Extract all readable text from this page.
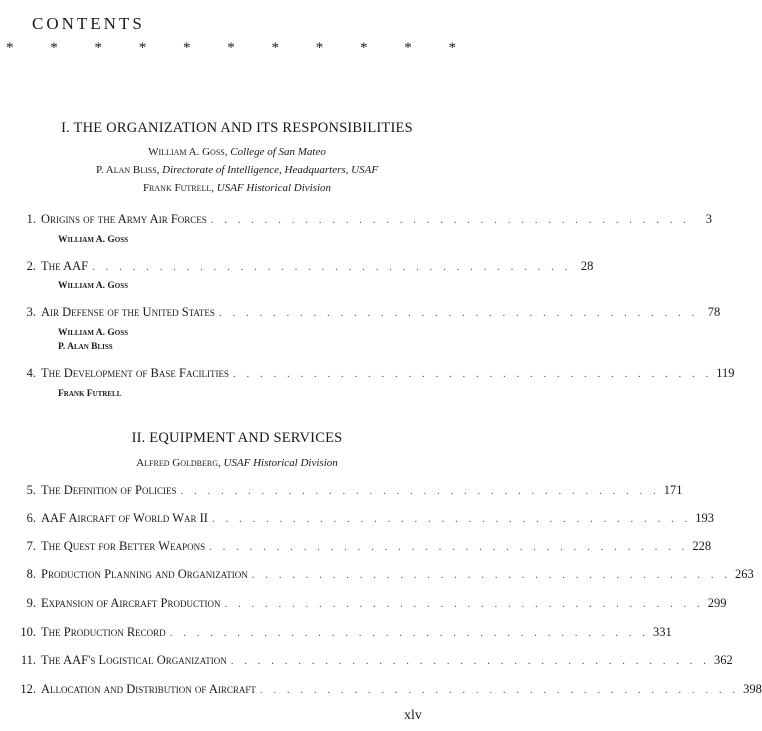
CONTENTS
* * * * * * * * * * *
I. THE ORGANIZATION AND ITS RESPONSIBILITIES
William A. Goss, College of San Mateo
P. Alan Bliss, Directorate of Intelligence, Headquarters, USAF
Frank Futrell, USAF Historical Division
1. Origins of the Army Air Forces . . . . . . . . . . . . . . . . . . . . . . . . . . . . . . . . . . . .	3
William A. Goss
2. The AAF . . . . . . . . . . . . . . . . . . . . . . . . . . . . . . . . . . . . 28
William A. Goss
3. Air Defense of the United States . . . . . . . . . . . . . . . . . . . . . . . . . . . . . . . . . . . . 78
William A. Goss
P. Alan Bliss
4. The Development of Base Facilities . . . . . . . . . . . . . . . . . . . . . . . . . . . . . . . . . . . . 119
Frank Futrell
II. EQUIPMENT AND SERVICES
Alfred Goldberg, USAF Historical Division
5. The Definition of Policies . . . . . . . . . . . . . . . . . . . . . . . . . . . . . . . . . . . . 171
6. AAF Aircraft of World War II . . . . . . . . . . . . . . . . . . . . . . . . . . . . . . . . . . . . 193
7. The Quest for Better Weapons . . . . . . . . . . . . . . . . . . . . . . . . . . . . . . . . . . . . 228
8. Production Planning and Organization . . . . . . . . . . . . . . . . . . . . . . . . . . . . . . . . . . . . 263
9. Expansion of Aircraft Production . . . . . . . . . . . . . . . . . . . . . . . . . . . . . . . . . . . . 299
10. The Production Record . . . . . . . . . . . . . . . . . . . . . . . . . . . . . . . . . . . . 331
11. The AAF's Logistical Organization . . . . . . . . . . . . . . . . . . . . . . . . . . . . . . . . . . . . 362
12. Allocation and Distribution of Aircraft . . . . . . . . . . . . . . . . . . . . . . . . . . . . . . . . . . . . 398
xlv
